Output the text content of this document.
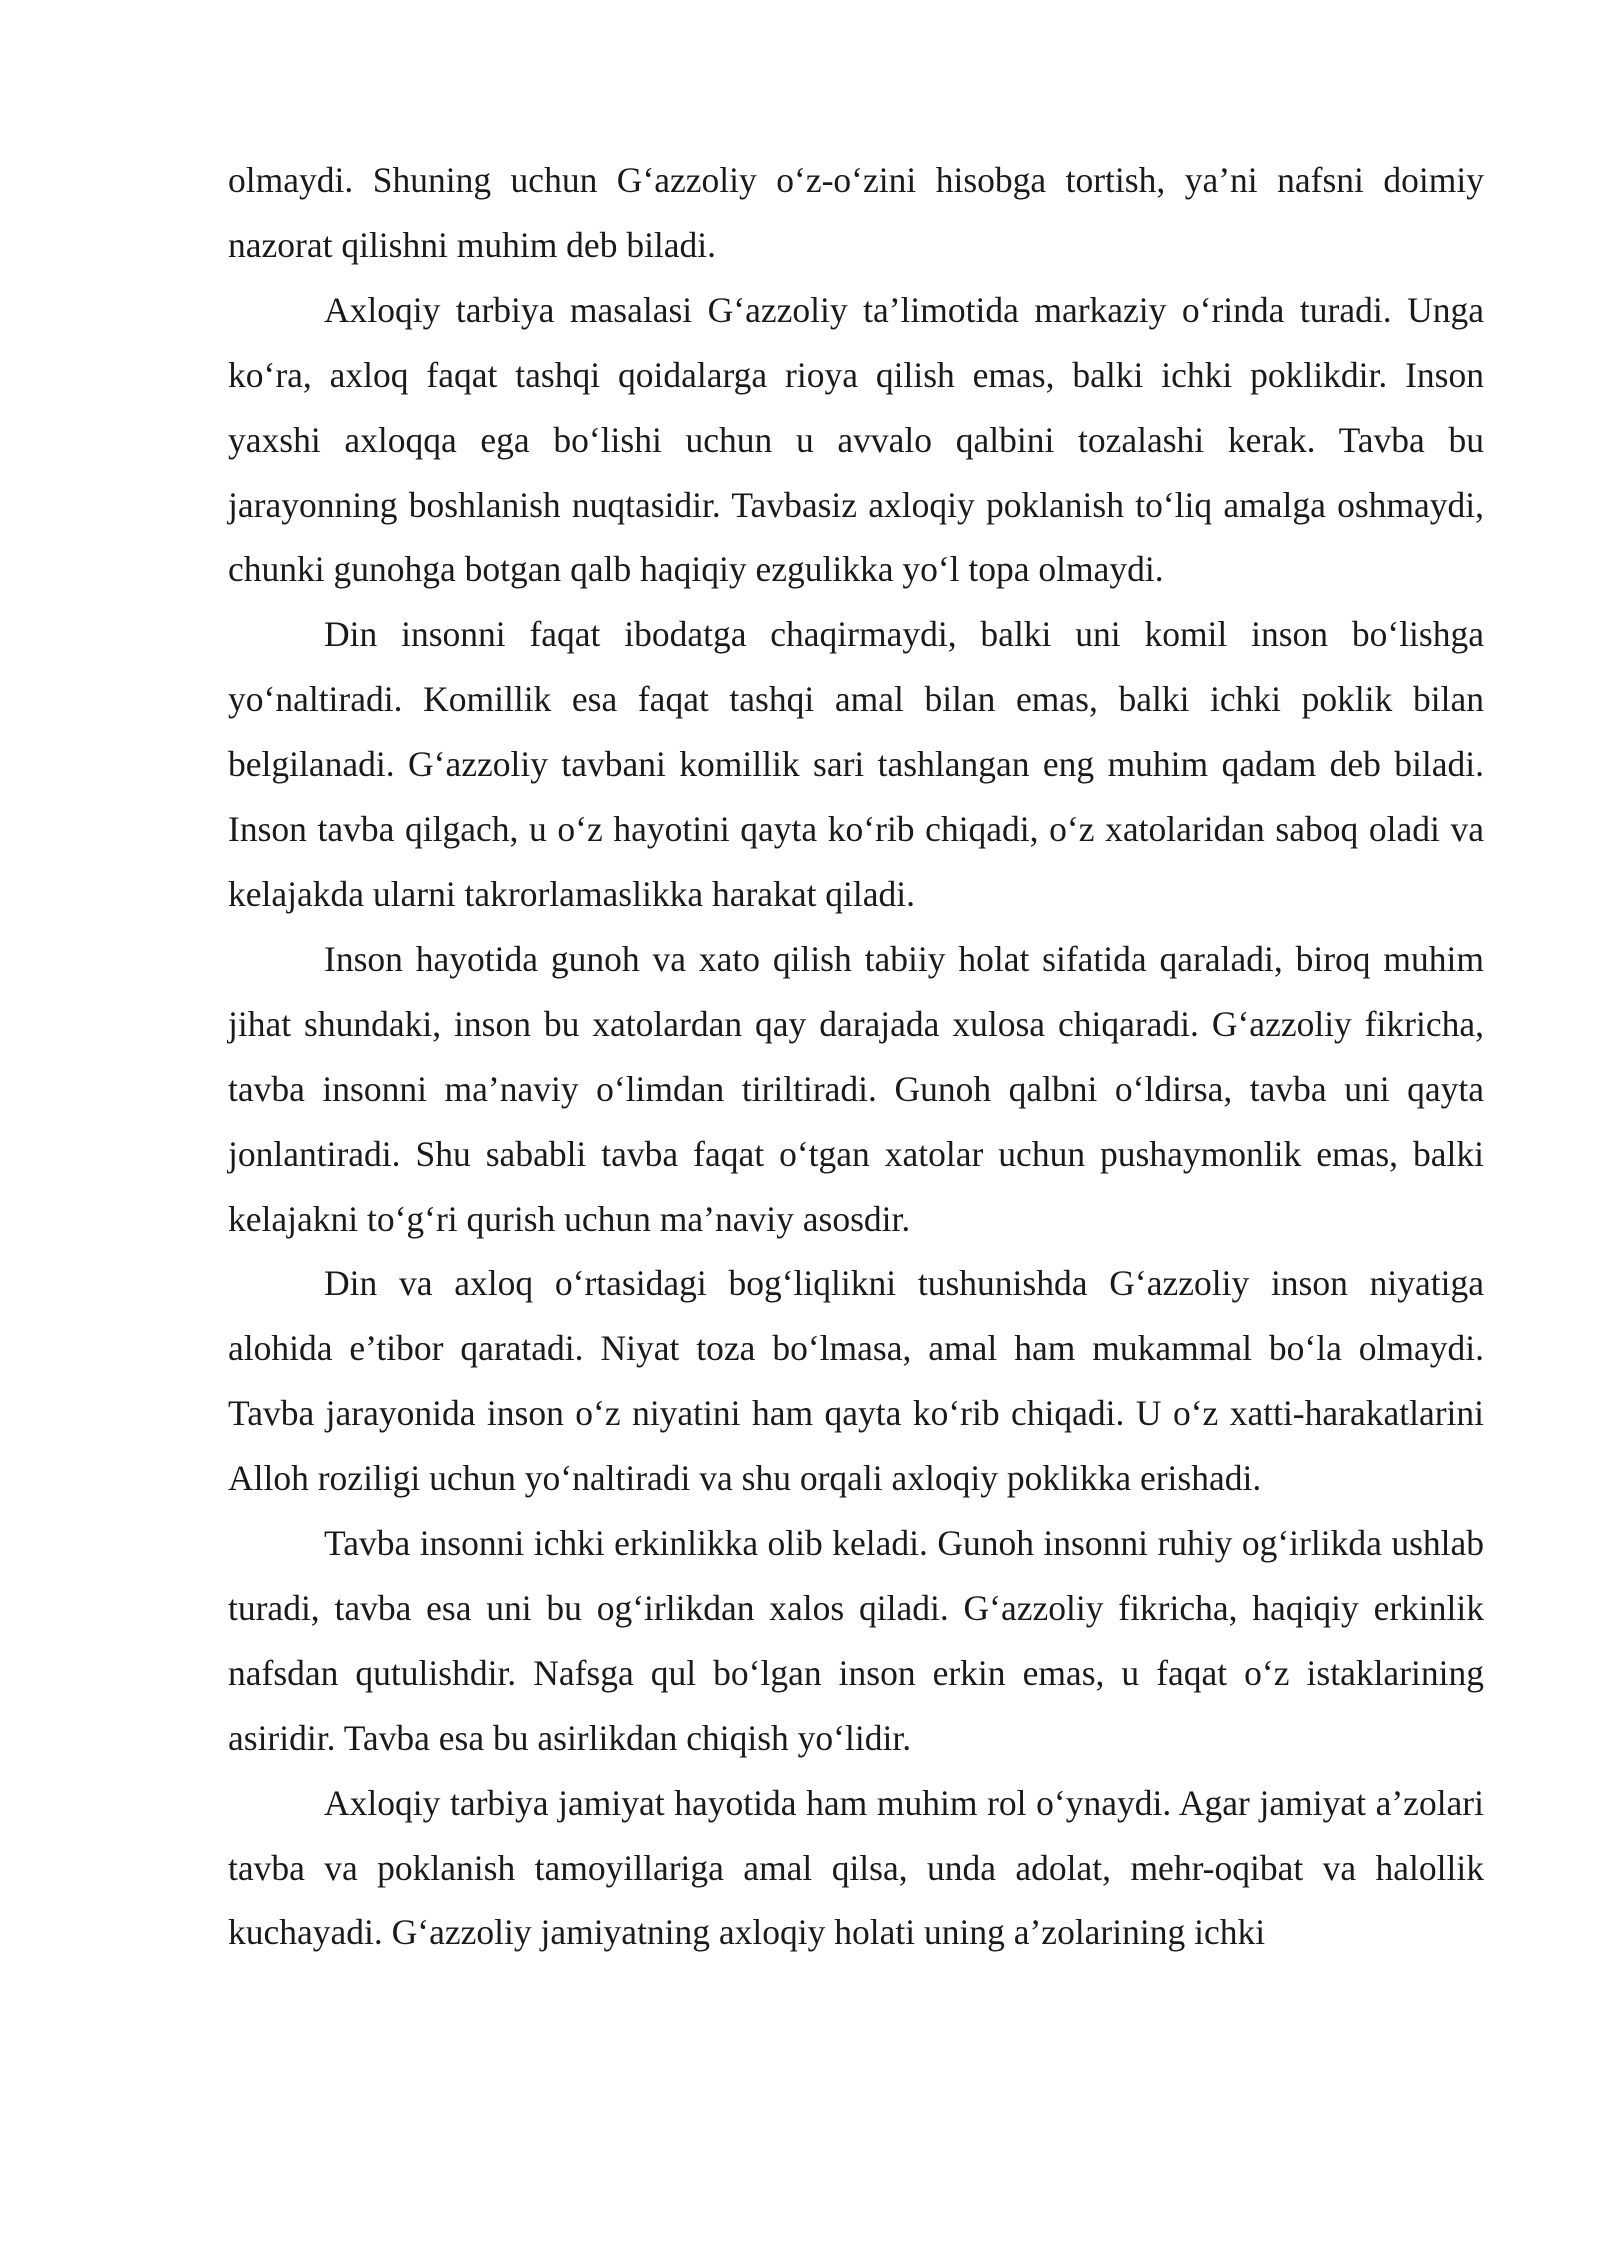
olmaydi. Shuning uchun G‘azzoliy o‘z-o‘zini hisobga tortish, ya’ni nafsni doimiy nazorat qilishni muhim deb biladi.

Axloqiy tarbiya masalasi G‘azzoliy ta’limotida markaziy o‘rinda turadi. Unga ko‘ra, axloq faqat tashqi qoidalarga rioya qilish emas, balki ichki poklikdir. Inson yaxshi axloqqa ega bo‘lishi uchun u avvalo qalbini tozalashi kerak. Tavba bu jarayonning boshlanish nuqtasidir. Tavbasiz axloqiy poklanish to‘liq amalga oshmaydi, chunki gunohga botgan qalb haqiqiy ezgulikka yo‘l topa olmaydi.

Din insonni faqat ibodatga chaqirmaydi, balki uni komil inson bo‘lishga yo‘naltiradi. Komillik esa faqat tashqi amal bilan emas, balki ichki poklik bilan belgilanadi. G‘azzoliy tavbani komillik sari tashlangan eng muhim qadam deb biladi. Inson tavba qilgach, u o‘z hayotini qayta ko‘rib chiqadi, o‘z xatolaridan saboq oladi va kelajakda ularni takrorlamaslikka harakat qiladi.

Inson hayotida gunoh va xato qilish tabiiy holat sifatida qaraladi, biroq muhim jihat shundaki, inson bu xatolardan qay darajada xulosa chiqaradi. G‘azzoliy fikricha, tavba insonni ma’naviy o‘limdan tiriltiradi. Gunoh qalbni o‘ldirsa, tavba uni qayta jonlantiradi. Shu sababli tavba faqat o‘tgan xatolar uchun pushaymonlik emas, balki kelajakni to‘g‘ri qurish uchun ma’naviy asosdir.

Din va axloq o‘rtasidagi bog‘liqlikni tushunishda G‘azzoliy inson niyatiga alohida e’tibor qaratadi. Niyat toza bo‘lmasa, amal ham mukammal bo‘la olmaydi. Tavba jarayonida inson o‘z niyatini ham qayta ko‘rib chiqadi. U o‘z xatti-harakatlarini Alloh roziligi uchun yo‘naltiradi va shu orqali axloqiy poklikka erishadi.

Tavba insonni ichki erkinlikka olib keladi. Gunoh insonni ruhiy og‘irlikda ushlab turadi, tavba esa uni bu og‘irlikdan xalos qiladi. G‘azzoliy fikricha, haqiqiy erkinlik nafsdan qutulishdir. Nafsga qul bo‘lgan inson erkin emas, u faqat o‘z istaklarining asiridir. Tavba esa bu asirlikdan chiqish yo‘lidir.

Axloqiy tarbiya jamiyat hayotida ham muhim rol o‘ynaydi. Agar jamiyat a’zolari tavba va poklanish tamoyillariga amal qilsa, unda adolat, mehr-oqibat va halollik kuchayadi. G‘azzoliy jamiyatning axloqiy holati uning a’zolarining ichki
